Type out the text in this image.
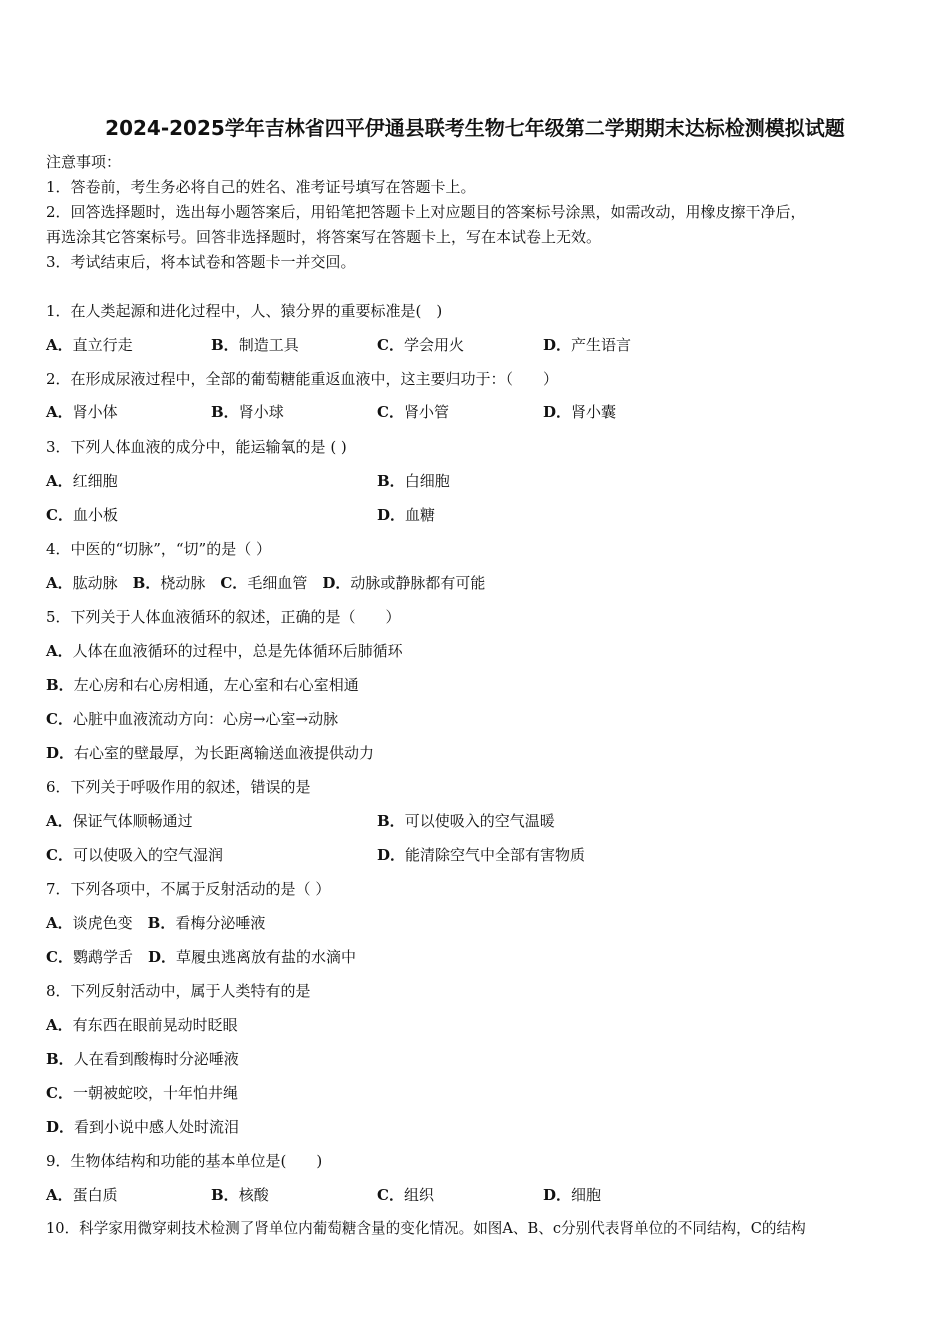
2024-2025学年吉林省四平伊通县联考生物七年级第二学期期末达标检测模拟试题
注意事项：
1．答卷前，考生务必将自己的姓名、准考证号填写在答题卡上。
2．回答选择题时，选出每小题答案后，用铅笔把答题卡上对应题目的答案标号涂黑，如需改动，用橡皮擦干净后，
再选涂其它答案标号。回答非选择题时，将答案写在答题卡上，写在本试卷上无效。
3．考试结束后，将本试卷和答题卡一并交回。
1．在人类起源和进化过程中，人、猿分界的重要标准是(　)
A．直立行走	B．制造工具	C．学会用火	D．产生语言
2．在形成尿液过程中，全部的葡萄糖能重返血液中，这主要归功于：（　　）
A．肾小体	B．肾小球	C．肾小管	D．肾小囊
3．下列人体血液的成分中，能运输氧的是 ( )
A．红细胞	B．白细胞
C．血小板	D．血糖
4．中医的“切脉”，“切”的是（ ）
A．肱动脉　B．桡动脉　C．毛细血管　D．动脉或静脉都有可能
5．下列关于人体血液循环的叙述，正确的是（　　）
A．人体在血液循环的过程中，总是先体循环后肺循环
B．左心房和右心房相通，左心室和右心室相通
C．心脏中血液流动方向：心房→心室→动脉
D．右心室的壁最厚，为长距离输送血液提供动力
6．下列关于呼吸作用的叙述，错误的是
A．保证气体顺畅通过	B．可以使吸入的空气温暖
C．可以使吸入的空气湿润	D．能清除空气中全部有害物质
7．下列各项中，不属于反射活动的是（ ）
A．谈虎色变　B．看梅分泌唾液
C．鹦鹉学舌　D．草履虫逃离放有盐的水滴中
8．下列反射活动中，属于人类特有的是
A．有东西在眼前晃动时眨眼
B．人在看到酸梅时分泌唾液
C．一朝被蛇咬，十年怕井绳
D．看到小说中感人处时流泪
9．生物体结构和功能的基本单位是(　　)
A．蛋白质	B．核酸	C．组织	D．细胞
10．科学家用微穿刺技术检测了肾单位内葡萄糖含量的变化情况。如图A、B、c分别代表肾单位的不同结构，C的结构
